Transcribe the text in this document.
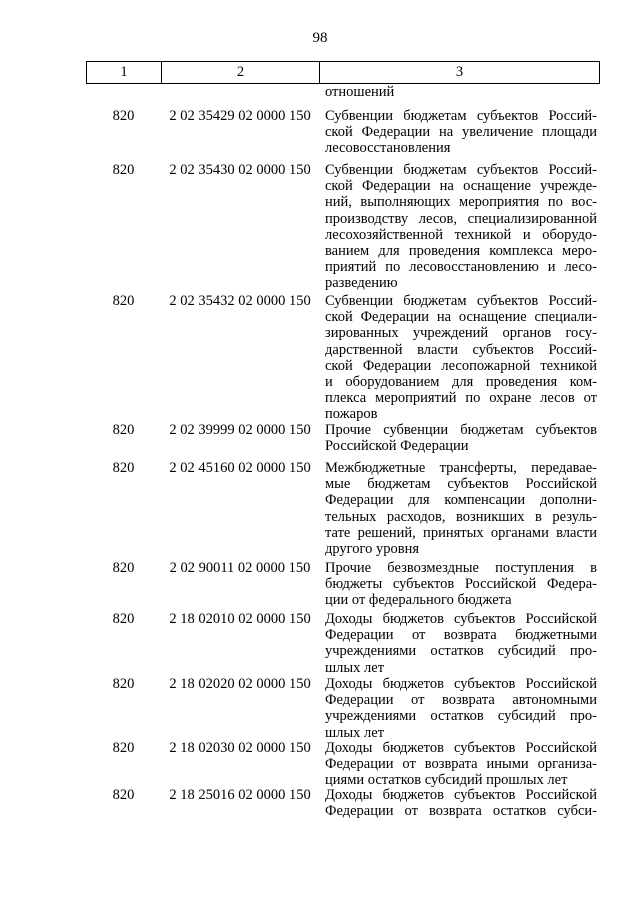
98
1	2	3
отношений
820	2 02 35429 02 0000 150 Субвенции бюджетам субъектов Россий-
ской Федерации на увеличение площади
лесовосстановления
820	2 02 35430 02 0000 150 Субвенции бюджетам субъектов Россий-
ской Федерации на оснащение учрежде-
ний, выполняющих мероприятия по вос-
производству лесов, специализированной
лесохозяйственной техникой и оборудо-
ванием для проведения комплекса меро-
приятий по лесовосстановлению и лесо-
разведению
820	2 02 35432 02 0000 150 Субвенции бюджетам субъектов Россий-
ской Федерации на оснащение специали-
зированных учреждений органов госу-
дарственной власти субъектов Россий-
ской Федерации лесопожарной техникой
и оборудованием для проведения ком-
плекса мероприятий по охране лесов от
пожаров
820	2 02 39999 02 0000 150 Прочие субвенции бюджетам субъектов
Российской Федерации
820	2 02 45160 02 0000 150 Межбюджетные трансферты, передавае-
мые бюджетам субъектов Российской
Федерации для компенсации дополни-
тельных расходов, возникших в резуль-
тате решений, принятых органами власти
другого уровня
820	2 02 90011 02 0000 150	Прочие безвозмездные поступления в
бюджеты субъектов Российской Федера-
ции от федерального бюджета
820	2 18 02010 02 0000 150 Доходы бюджетов субъектов Российской
Федерации от возврата бюджетными
учреждениями остатков субсидий про-
шлых лет
820	2 18 02020 02 0000 150 Доходы бюджетов субъектов Российской
Федерации от возврата автономными
учреждениями остатков субсидий про-
шлых лет
820	2 18 02030 02 0000 150 Доходы бюджетов субъектов Российской
Федерации от возврата иными организа-
циями остатков субсидий прошлых лет
820	2 18 25016 02 0000 150 Доходы бюджетов субъектов Российской
Федерации от возврата остатков субси-
